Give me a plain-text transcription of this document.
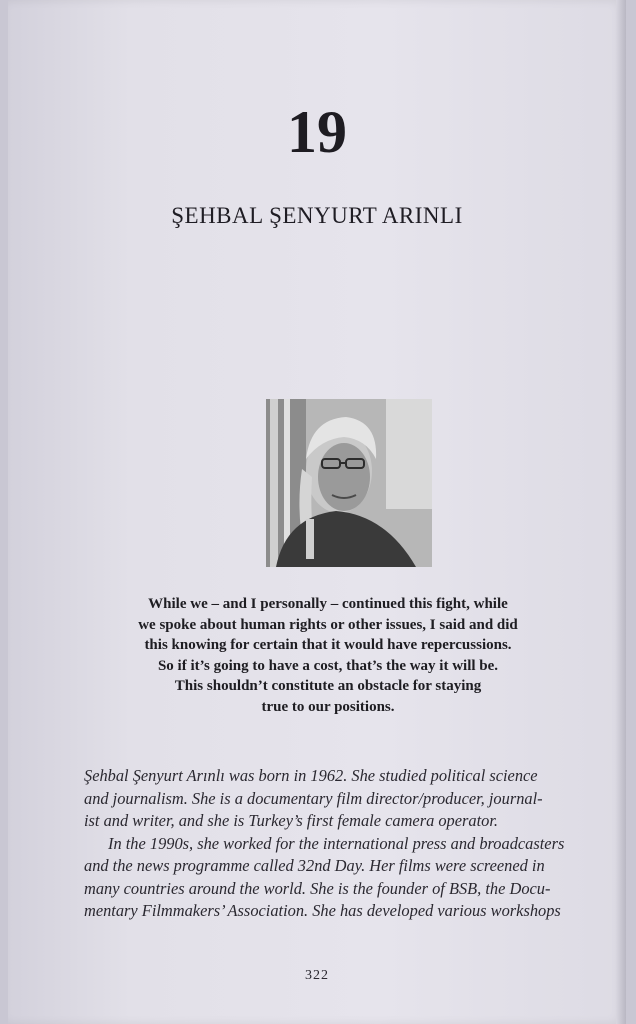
19
ŞEHBAL ŞENYURT ARINLI
While we – and I personally – continued this fight, while
we spoke about human rights or other issues, I said and did
this knowing for certain that it would have repercussions.
So if it’s going to have a cost, that’s the way it will be.
This shouldn’t constitute an obstacle for staying
true to our positions.
Şehbal Şenyurt Arınlı was born in 1962. She studied political science
and journalism. She is a documentary film director/producer, journal-
ist and writer, and she is Turkey’s first female camera operator.
In the 1990s, she worked for the international press and broadcasters
and the news programme called 32nd Day. Her films were screened in
many countries around the world. She is the founder of BSB, the Docu-
mentary Filmmakers’ Association. She has developed various workshops
322
